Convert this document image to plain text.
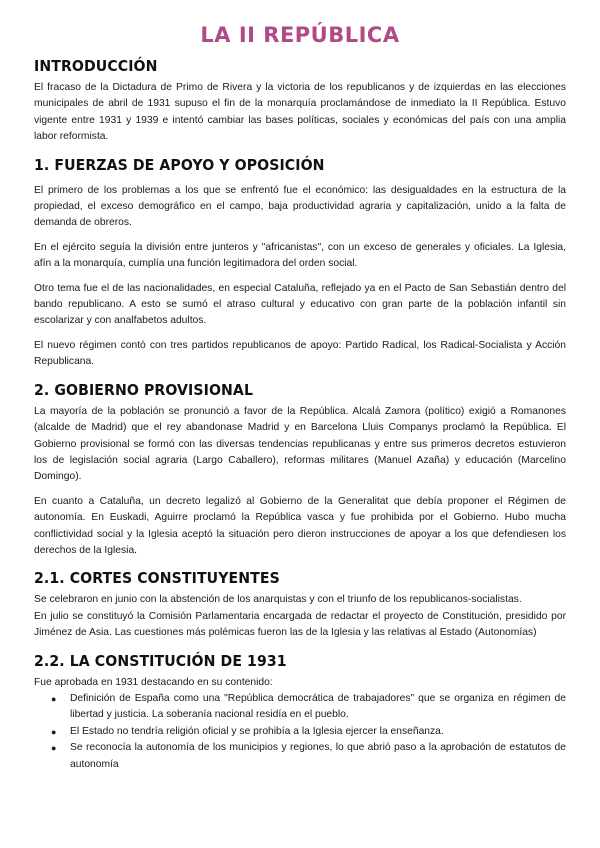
LA II REPÚBLICA
INTRODUCCIÓN

El fracaso de la Dictadura de Primo de Rivera y la victoria de los republicanos y de izquierdas en las elecciones municipales de abril de 1931 supuso el fin de la monarquía proclamándose de inmediato la II República. Estuvo vigente entre 1931 y 1939 e intentó cambiar las bases políticas, sociales y económicas del país con una amplia labor reformista.

1. FUERZAS DE APOYO Y OPOSICIÓN

El primero de los problemas a los que se enfrentó fue el económico: las desigualdades en la estructura de la propiedad, el exceso demográfico en el campo, baja productividad agraria y capitalización, unido a la falta de demanda de obreros.

En el ejército seguía la división entre junteros y "africanistas", con un exceso de generales y oficiales. La Iglesia, afín a la monarquía, cumplía una función legitimadora del orden social.

Otro tema fue el de las nacionalidades, en especial Cataluña, reflejado ya en el Pacto de San Sebastián dentro del bando republicano. A esto se sumó el atraso cultural y educativo con gran parte de la población infantil sin escolarizar y con analfabetos adultos.

El nuevo régimen contó con tres partidos republicanos de apoyo: Partido Radical, los Radical-Socialista y Acción Republicana.

2. GOBIERNO PROVISIONAL

La mayoría de la población se pronunció a favor de la República. Alcalá Zamora (político) exigió a Romanones (alcalde de Madrid) que el rey abandonase Madrid y en Barcelona Lluis Companys proclamó la República. El Gobierno provisional se formó con las diversas tendencias republicanas y entre sus primeros decretos estuvieron los de legislación social agraria (Largo Caballero), reformas militares (Manuel Azaña) y educación (Marcelino Domingo).

En cuanto a Cataluña, un decreto legalizó al Gobierno de la Generalitat que debía proponer el Régimen de autonomía. En Euskadi, Aguirre proclamó la República vasca y fue prohibida por el Gobierno. Hubo mucha conflictividad social y la Iglesia aceptó la situación pero dieron instrucciones de apoyar a los que defendiesen los derechos de la Iglesia.

2.1. CORTES CONSTITUYENTES

Se celebraron en junio con la abstención de los anarquistas y con el triunfo de los republicanos-socialistas.

En julio se constituyó la Comisión Parlamentaria encargada de redactar el proyecto de Constitución, presidido por Jiménez de Asia. Las cuestiones más polémicas fueron las de la Iglesia y las relativas al Estado (Autonomías)

2.2. LA CONSTITUCIÓN DE 1931

Fue aprobada en 1931 destacando en su contenido:

● Definición de España como una "República democrática de trabajadores" que se organiza en régimen de libertad y justicia. La soberanía nacional residía en el pueblo.
● El Estado no tendría religión oficial y se prohibía a la Iglesia ejercer la enseñanza.
● Se reconocía la autonomía de los municipios y regiones, lo que abrió paso a la aprobación de estatutos de autonomía
